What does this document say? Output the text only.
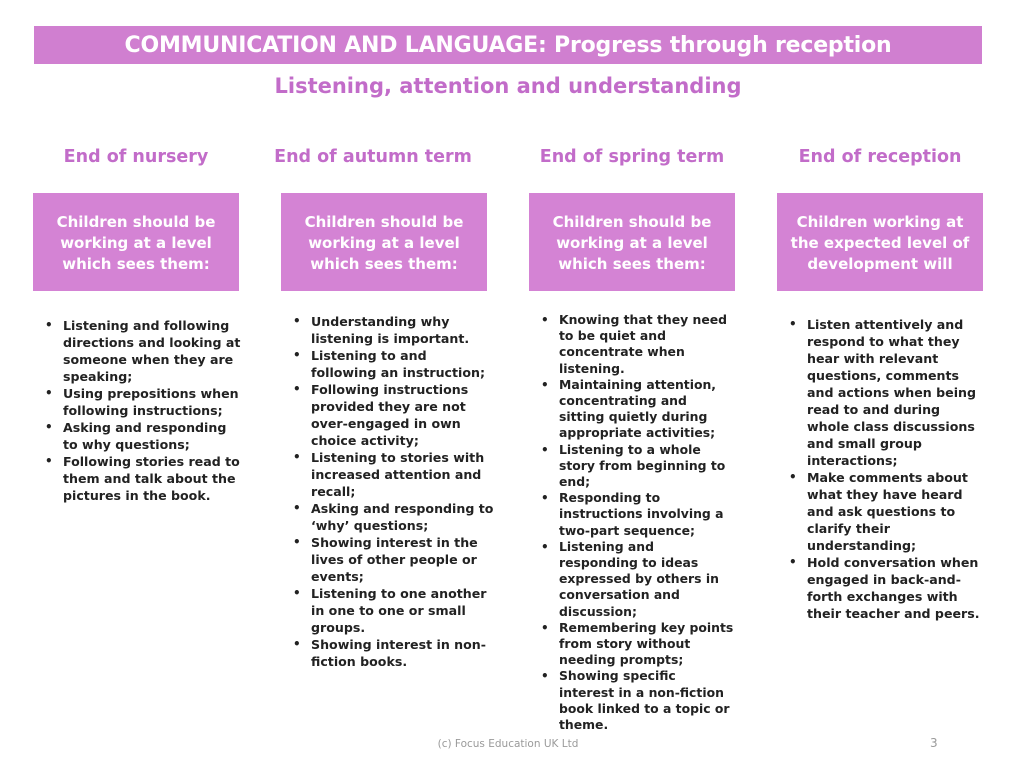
COMMUNICATION AND LANGUAGE: Progress through reception
Listening, attention and understanding
End of nursery
Children should be working at a level which sees them:
• Listening and following directions and looking at someone when they are speaking;
• Using prepositions when following instructions;
• Asking and responding to why questions;
• Following stories read to them and talk about the pictures in the book.
End of autumn term
Children should be working at a level which sees them:
• Understanding why listening is important.
• Listening to and following an instruction;
• Following instructions provided they are not over-engaged in own choice activity;
• Listening to stories with increased attention and recall;
• Asking and responding to ‘why’ questions;
• Showing interest in the lives of other people or events;
• Listening to one another in one to one or small groups.
• Showing interest in non-fiction books.
End of spring term
Children should be working at a level which sees them:
• Knowing that they need to be quiet and concentrate when listening.
• Maintaining attention, concentrating and sitting quietly during appropriate activities;
• Listening to a whole story from beginning to end;
• Responding to instructions involving a two-part sequence;
• Listening and responding to ideas expressed by others in conversation and discussion;
• Remembering key points from story without needing prompts;
• Showing specific interest in a non-fiction book linked to a topic or theme.
End of reception
Children working at the expected level of development will
• Listen attentively and respond to what they hear with relevant questions, comments and actions when being read to and during whole class discussions and small group interactions;
• Make comments about what they have heard and ask questions to clarify their understanding;
• Hold conversation when engaged in back-and-forth exchanges with their teacher and peers.
(c) Focus Education UK Ltd	3
